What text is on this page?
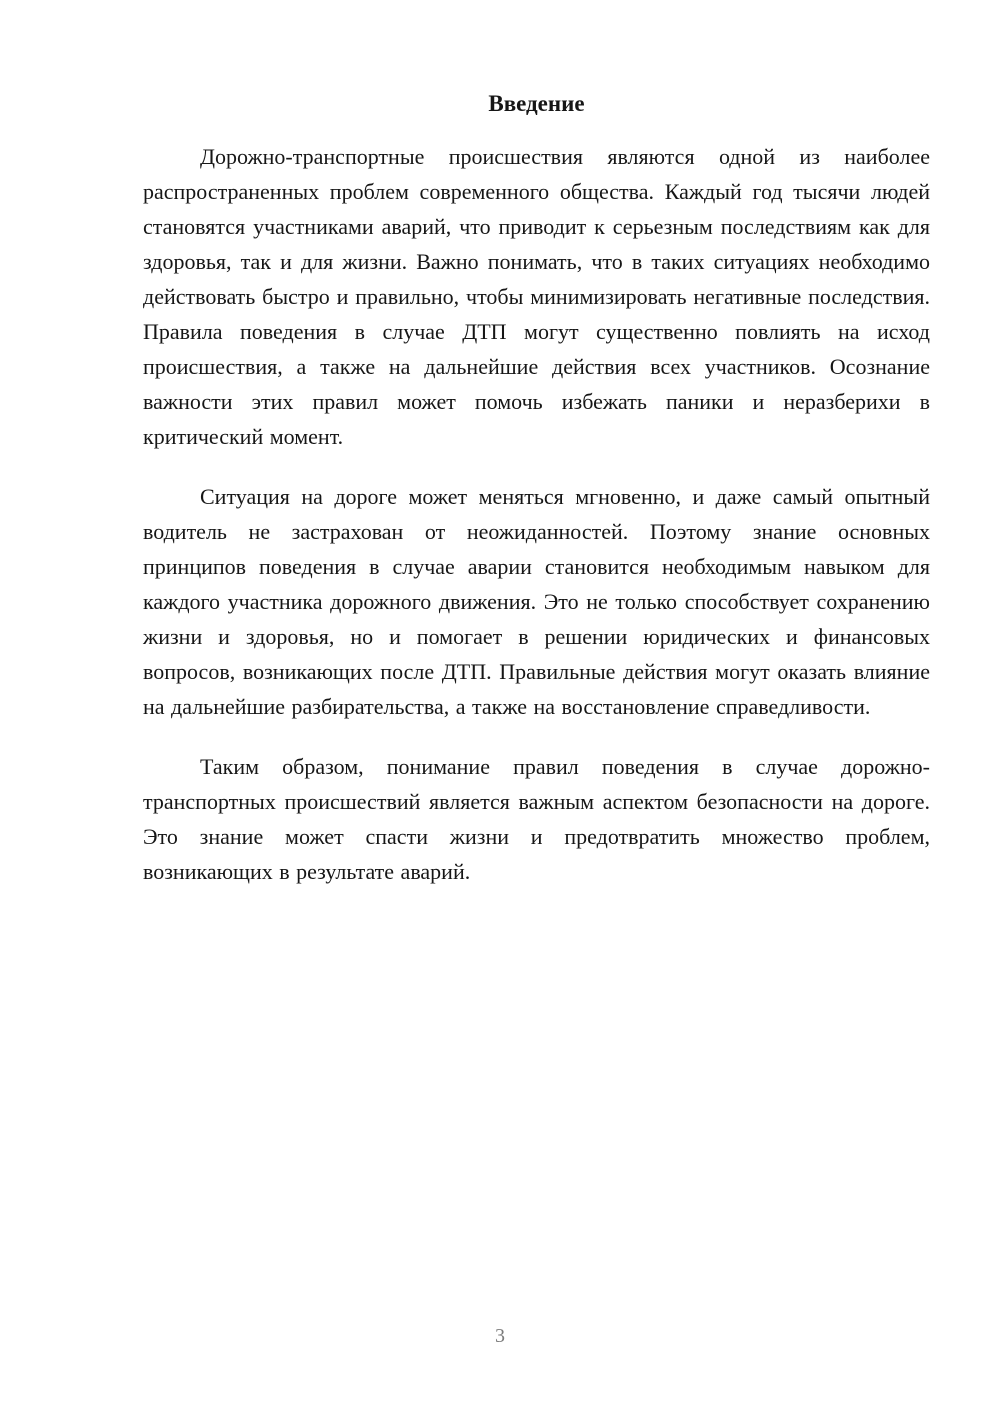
Введение

Дорожно-транспортные происшествия являются одной из наиболее распространенных проблем современного общества. Каждый год тысячи людей становятся участниками аварий, что приводит к серьезным последствиям как для здоровья, так и для жизни. Важно понимать, что в таких ситуациях необходимо действовать быстро и правильно, чтобы минимизировать негативные последствия. Правила поведения в случае ДТП могут существенно повлиять на исход происшествия, а также на дальнейшие действия всех участников. Осознание важности этих правил может помочь избежать паники и неразберихи в критический момент.

Ситуация на дороге может меняться мгновенно, и даже самый опытный водитель не застрахован от неожиданностей. Поэтому знание основных принципов поведения в случае аварии становится необходимым навыком для каждого участника дорожного движения. Это не только способствует сохранению жизни и здоровья, но и помогает в решении юридических и финансовых вопросов, возникающих после ДТП. Правильные действия могут оказать влияние на дальнейшие разбирательства, а также на восстановление справедливости.

Таким образом, понимание правил поведения в случае дорожно-транспортных происшествий является важным аспектом безопасности на дороге. Это знание может спасти жизни и предотвратить множество проблем, возникающих в результате аварий.

3
